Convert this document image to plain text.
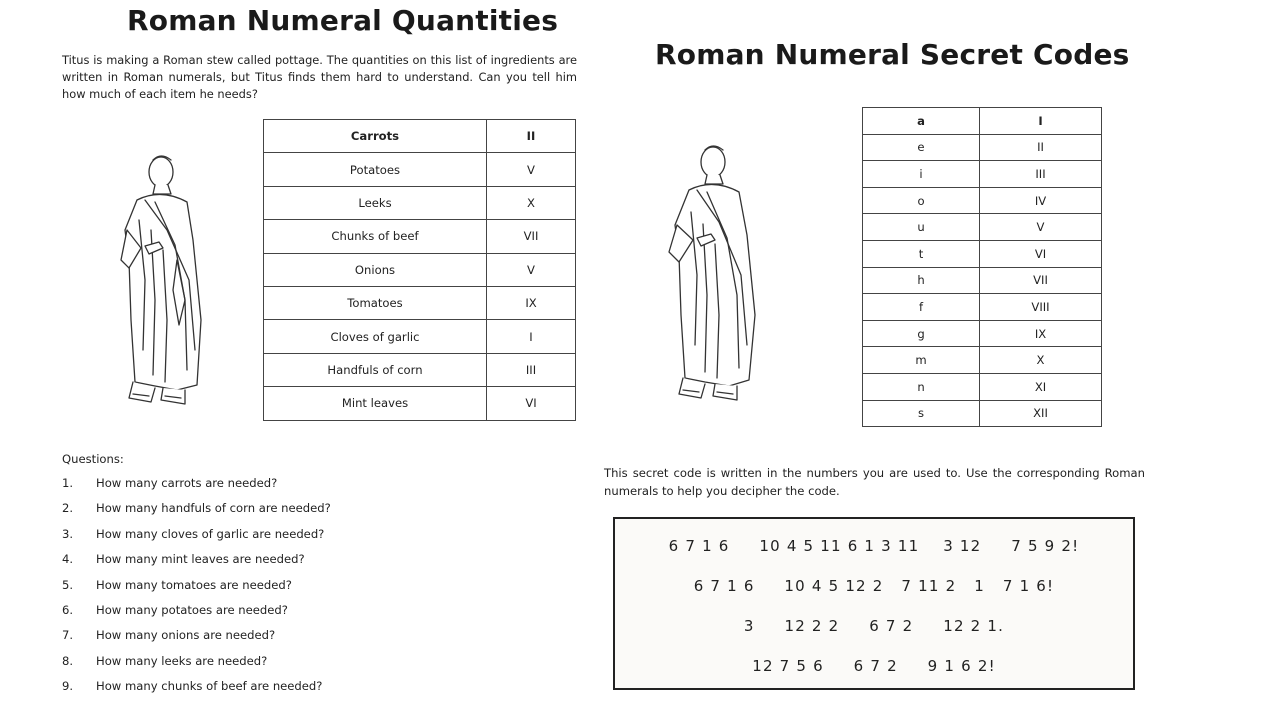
Roman Numeral Quantities
Titus is making a Roman stew called pottage. The quantities on this list of ingredients are written in Roman numerals, but Titus finds them hard to understand. Can you tell him how much of each item he needs?
Carrots	II
Potatoes	V
Leeks	X
Chunks of beef	VII
Onions	V
Tomatoes	IX
Cloves of garlic	I
Handfuls of corn	III
Mint leaves	VI
Questions:
1. How many carrots are needed?
2. How many handfuls of corn are needed?
3. How many cloves of garlic are needed?
4. How many mint leaves are needed?
5. How many tomatoes are needed?
6. How many potatoes are needed?
7. How many onions are needed?
8. How many leeks are needed?
9. How many chunks of beef are needed?
Roman Numeral Secret Codes
a	I
e	II
i	III
o	IV
u	V
t	VI
h	VII
f	VIII
g	IX
m	X
n	XI
s	XII
This secret code is written in the numbers you are used to. Use the corresponding Roman numerals to help you decipher the code.
6 7 1 6     10 4 5 11 6 1 3 11    3 12     7 5 9 2!
6 7 1 6     10 4 5 12 2   7 11 2   1   7 1 6!
3     12 2 2     6 7 2     12 2 1.
12 7 5 6     6 7 2     9 1 6 2!
